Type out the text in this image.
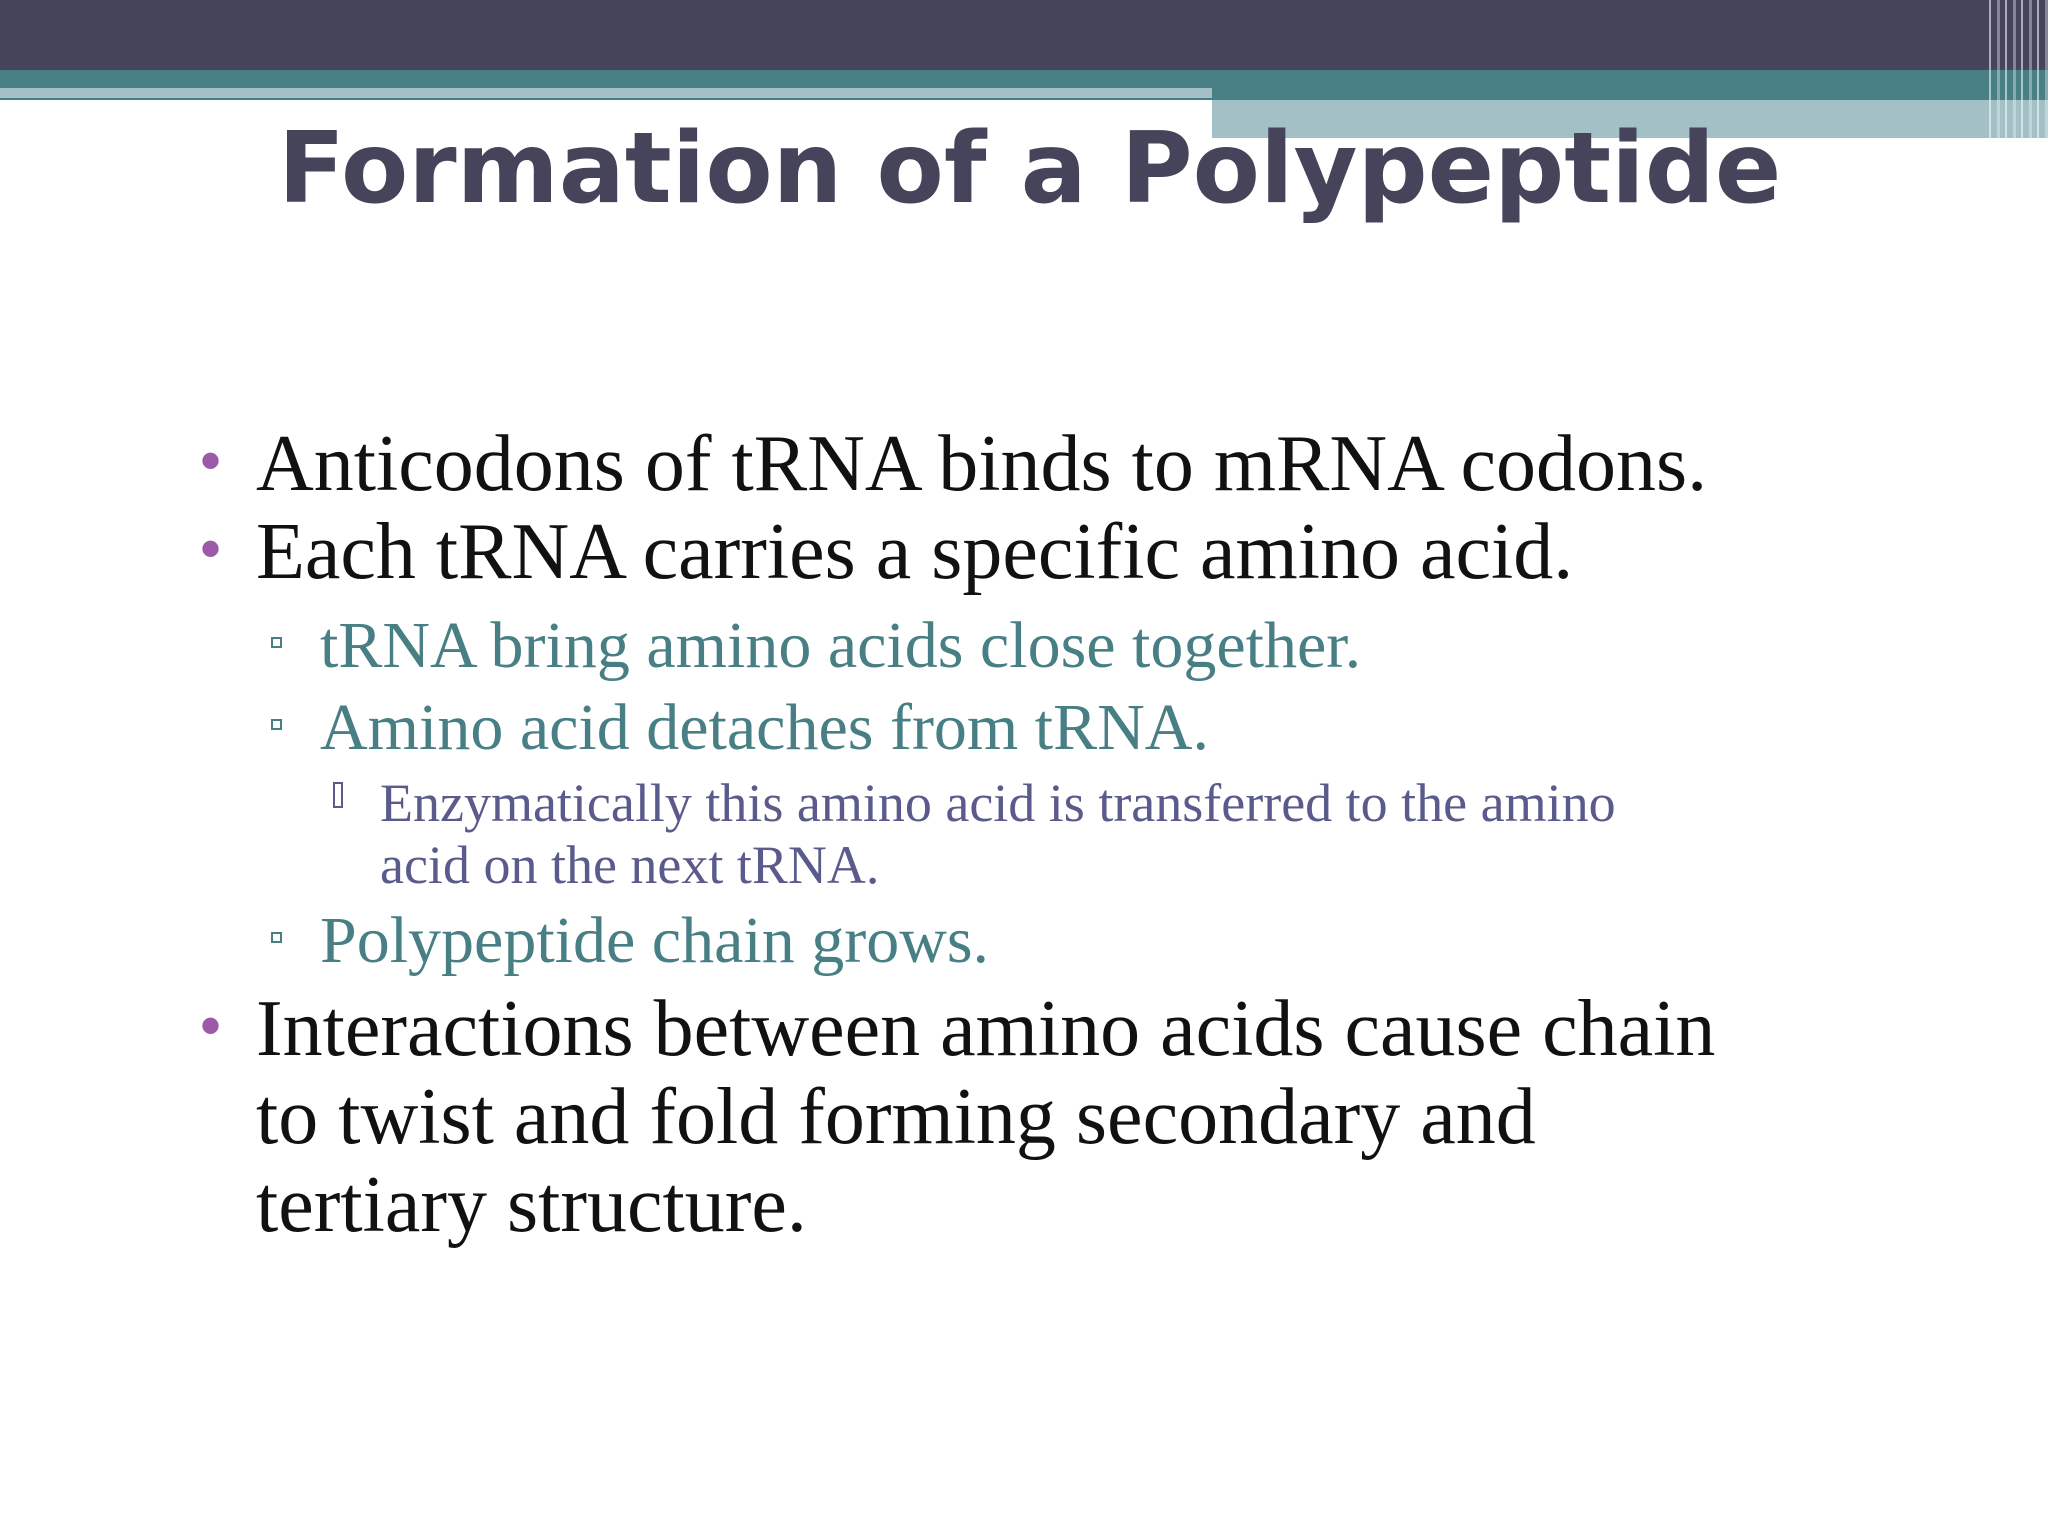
Formation of a Polypeptide
• Anticodons of tRNA binds to mRNA codons.
• Each tRNA carries a specific amino acid.
tRNA bring amino acids close together.
Amino acid detaches from tRNA.
Enzymatically this amino acid is transferred to the amino
acid on the next tRNA.
Polypeptide chain grows.
• Interactions between amino acids cause chain
to twist and fold forming secondary and
tertiary structure.
